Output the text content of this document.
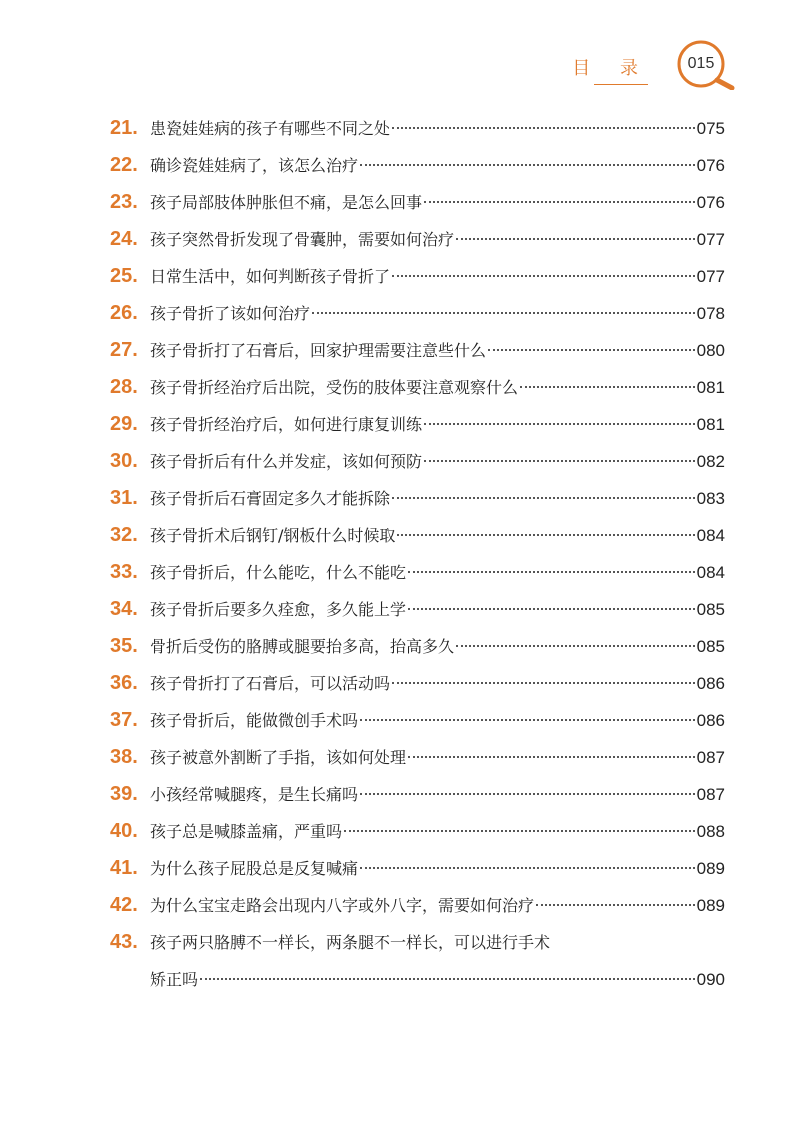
目 录	015
21. 患瓷娃娃病的孩子有哪些不同之处	075
22. 确诊瓷娃娃病了，该怎么治疗	076
23. 孩子局部肢体肿胀但不痛，是怎么回事	076
24. 孩子突然骨折发现了骨囊肿，需要如何治疗	077
25. 日常生活中，如何判断孩子骨折了	077
26. 孩子骨折了该如何治疗	078
27. 孩子骨折打了石膏后，回家护理需要注意些什么	080
28. 孩子骨折经治疗后出院，受伤的肢体要注意观察什么	081
29. 孩子骨折经治疗后，如何进行康复训练	081
30. 孩子骨折后有什么并发症，该如何预防	082
31. 孩子骨折后石膏固定多久才能拆除	083
32. 孩子骨折术后钢钉/钢板什么时候取	084
33. 孩子骨折后，什么能吃，什么不能吃	084
34. 孩子骨折后要多久痊愈，多久能上学	085
35. 骨折后受伤的胳膊或腿要抬多高，抬高多久	085
36. 孩子骨折打了石膏后，可以活动吗	086
37. 孩子骨折后，能做微创手术吗	086
38. 孩子被意外割断了手指，该如何处理	087
39. 小孩经常喊腿疼，是生长痛吗	087
40. 孩子总是喊膝盖痛，严重吗	088
41. 为什么孩子屁股总是反复喊痛	089
42. 为什么宝宝走路会出现内八字或外八字，需要如何治疗	089
43. 孩子两只胳膊不一样长，两条腿不一样长，可以进行手术
矫正吗	090
